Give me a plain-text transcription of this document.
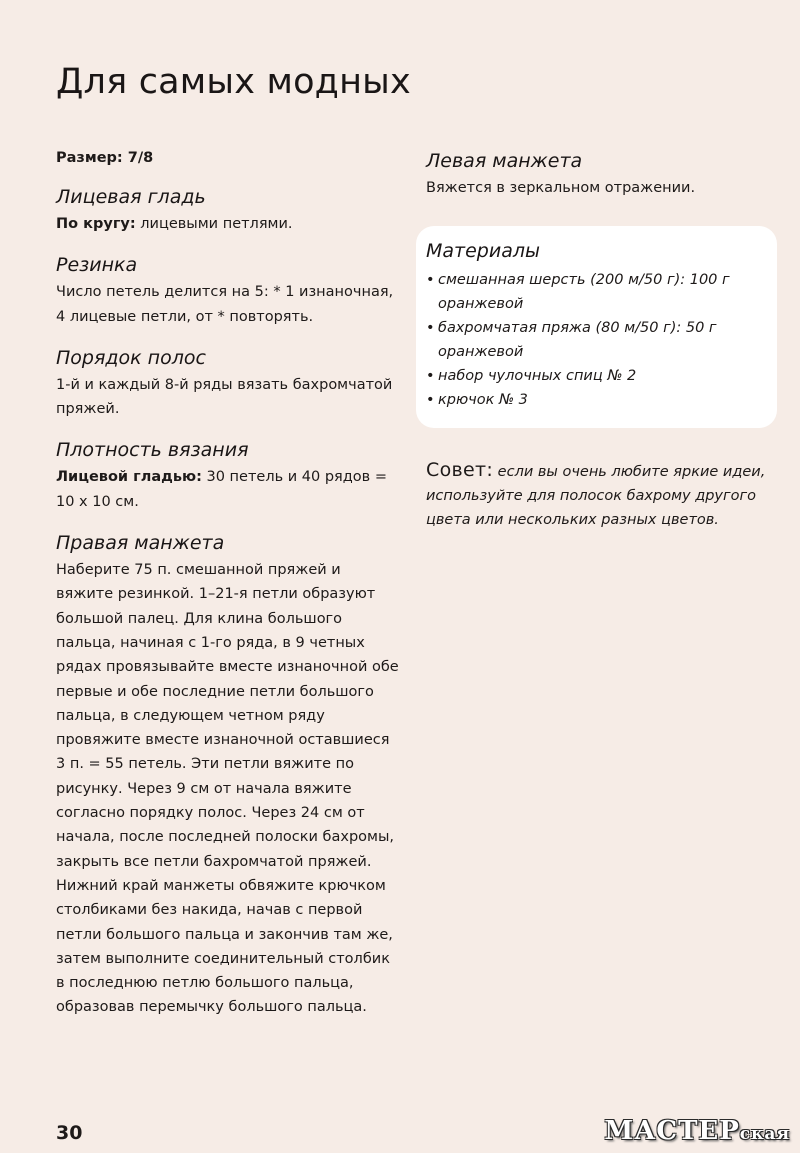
Для самых модных

Размер: 7/8

Лицевая гладь

По кругу: лицевыми петлями.

Резинка

Число петель делится на 5: * 1 изнаночная, 4 лицевые петли, от * повторять.

Порядок полос

1-й и каждый 8-й ряды вязать бахромчатой пряжей.

Плотность вязания

Лицевой гладью: 30 петель и 40 рядов = 10 х 10 см.

Правая манжета

Наберите 75 п. смешанной пряжей и вяжите резинкой. 1–21-я петли образуют большой палец. Для клина большого пальца, начиная с 1-го ряда, в 9 четных рядах провязывайте вместе изнаночной обе первые и обе последние петли большого пальца, в следующем четном ряду провяжите вместе изнаночной оставшиеся 3 п. = 55 петель. Эти петли вяжите по рисунку. Через 9 см от начала вяжите согласно порядку полос. Через 24 см от начала, после последней полоски бахромы, закрыть все петли бахромчатой пряжей.

Нижний край манжеты обвяжите крючком столбиками без накида, начав с первой петли большого пальца и закончив там же, затем выполните соединительный столбик в последнюю петлю большого пальца, образовав перемычку большого пальца.

Левая манжета

Вяжется в зеркальном отражении.

Материалы
• смешанная шерсть (200 м/50 г): 100 г оранжевой
• бахромчатая пряжа (80 м/50 г): 50 г оранжевой
• набор чулочных спиц № 2
• крючок № 3

Совет: если вы очень любите яркие идеи, используйте для полосок бахрому другого цвета или нескольких разных цветов.

30	МАСТЕРская
